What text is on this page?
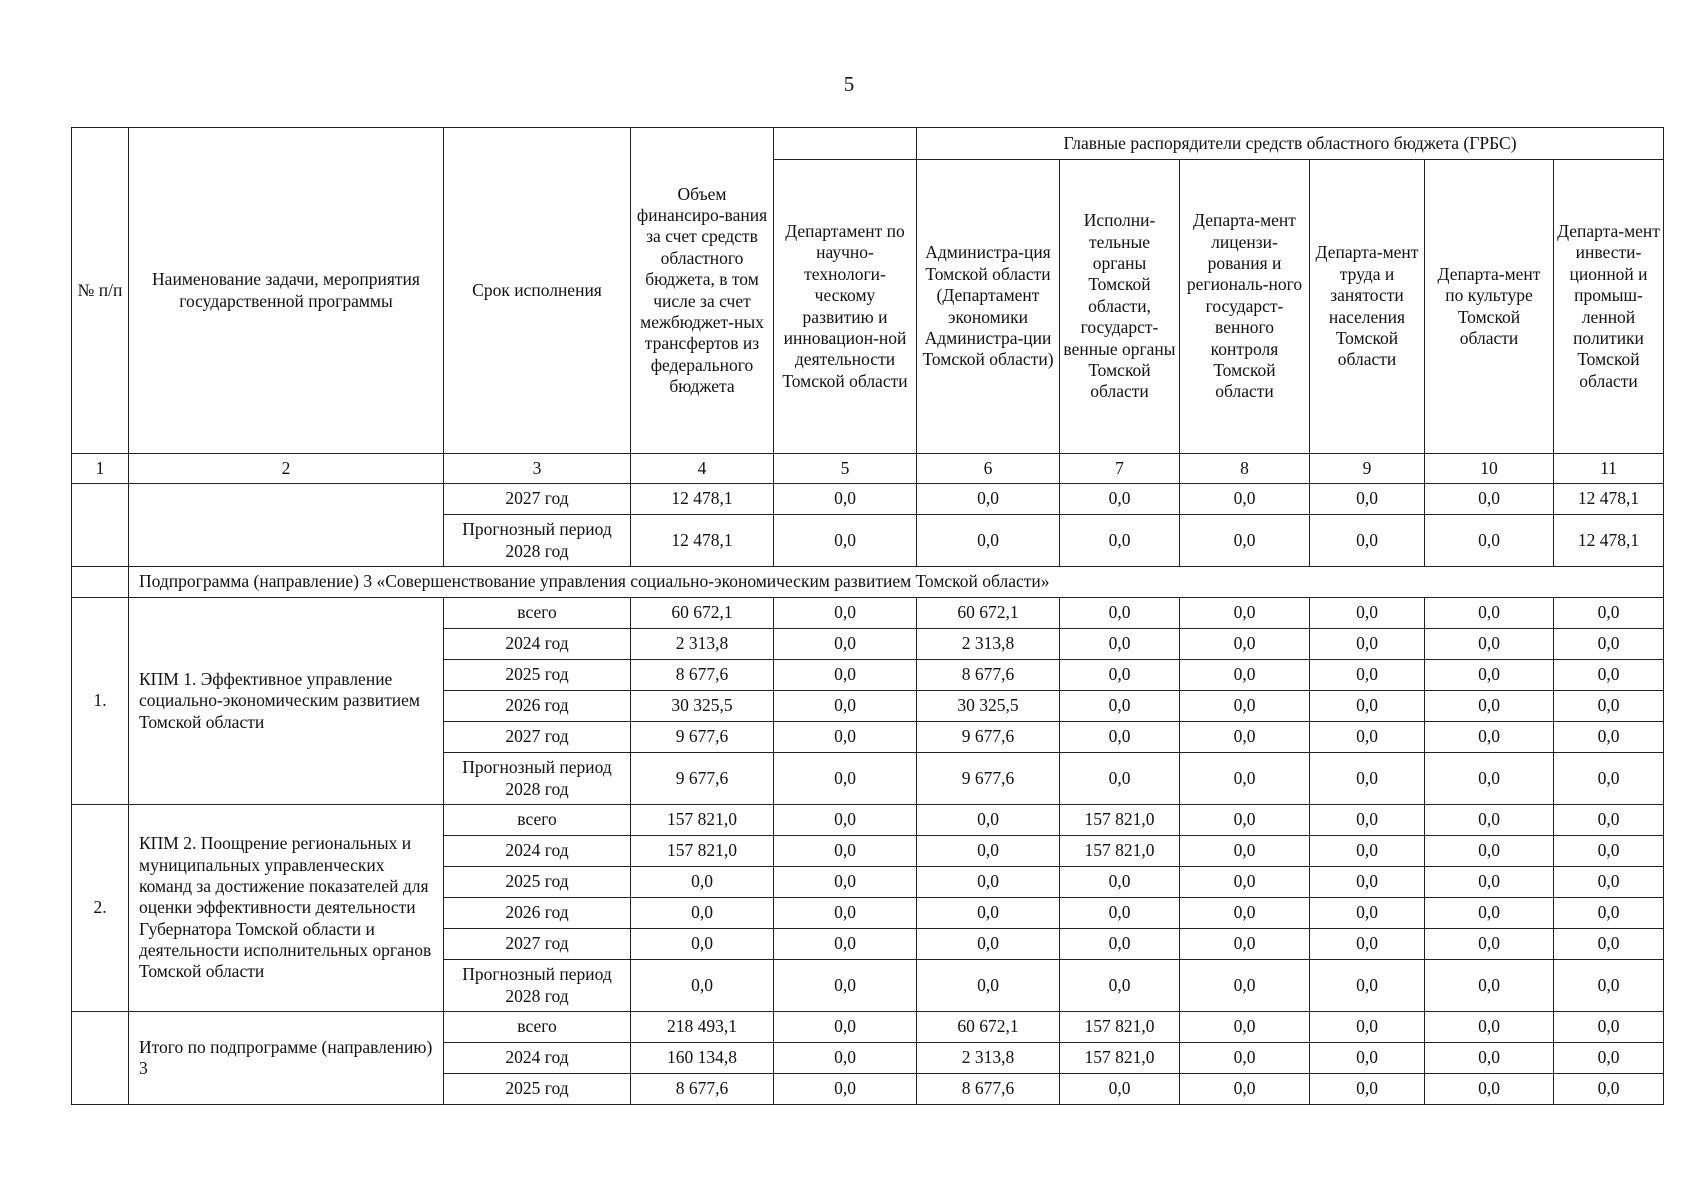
5
№ п/п	Наименование задачи, мероприятия государственной программы	Срок исполнения	Объем финансиро-вания за счет средств областного бюджета, в том числе за счет межбюджет-ных трансфертов из федерального бюджета		Главные распорядители средств областного бюджета (ГРБС)					
				Департамент по научно-технологи-ческому развитию и инновацион-ной деятельности Томской области	Администра-ция Томской области (Департамент экономики Администра-ции Томской области)	Исполни-тельные органы Томской области, государст-венные органы Томской области	Департа-мент лицензи-рования и региональ-ного государст-венного контроля Томской области	Департа-мент труда и занятости населения Томской области	Департа-мент по культуре Томской области	Департа-мент инвести-ционной и промыш-ленной политики Томской области
1	2	3	4	5	6	7	8	9	10	11
		2027 год	12 478,1	0,0	0,0	0,0	0,0	0,0	0,0	12 478,1
		Прогнозный период 2028 год	12 478,1	0,0	0,0	0,0	0,0	0,0	0,0	12 478,1
	Подпрограмма (направление) 3 «Совершенствование управления социально-экономическим развитием Томской области»									
1.	КПМ 1. Эффективное управление социально-экономическим развитием Томской области	всего	60 672,1	0,0	60 672,1	0,0	0,0	0,0	0,0	0,0
		2024 год	2 313,8	0,0	2 313,8	0,0	0,0	0,0	0,0	0,0
		2025 год	8 677,6	0,0	8 677,6	0,0	0,0	0,0	0,0	0,0
		2026 год	30 325,5	0,0	30 325,5	0,0	0,0	0,0	0,0	0,0
		2027 год	9 677,6	0,0	9 677,6	0,0	0,0	0,0	0,0	0,0
		Прогнозный период 2028 год	9 677,6	0,0	9 677,6	0,0	0,0	0,0	0,0	0,0
2.	КПМ 2. Поощрение региональных и муниципальных управленческих команд за достижение показателей для оценки эффективности деятельности Губернатора Томской области и деятельности исполнительных органов Томской области	всего	157 821,0	0,0	0,0	157 821,0	0,0	0,0	0,0	0,0
		2024 год	157 821,0	0,0	0,0	157 821,0	0,0	0,0	0,0	0,0
		2025 год	0,0	0,0	0,0	0,0	0,0	0,0	0,0	0,0
		2026 год	0,0	0,0	0,0	0,0	0,0	0,0	0,0	0,0
		2027 год	0,0	0,0	0,0	0,0	0,0	0,0	0,0	0,0
		Прогнозный период 2028 год	0,0	0,0	0,0	0,0	0,0	0,0	0,0	0,0
	Итого по подпрограмме (направлению) 3	всего	218 493,1	0,0	60 672,1	157 821,0	0,0	0,0	0,0	0,0
		2024 год	160 134,8	0,0	2 313,8	157 821,0	0,0	0,0	0,0	0,0
		2025 год	8 677,6	0,0	8 677,6	0,0	0,0	0,0	0,0	0,0
